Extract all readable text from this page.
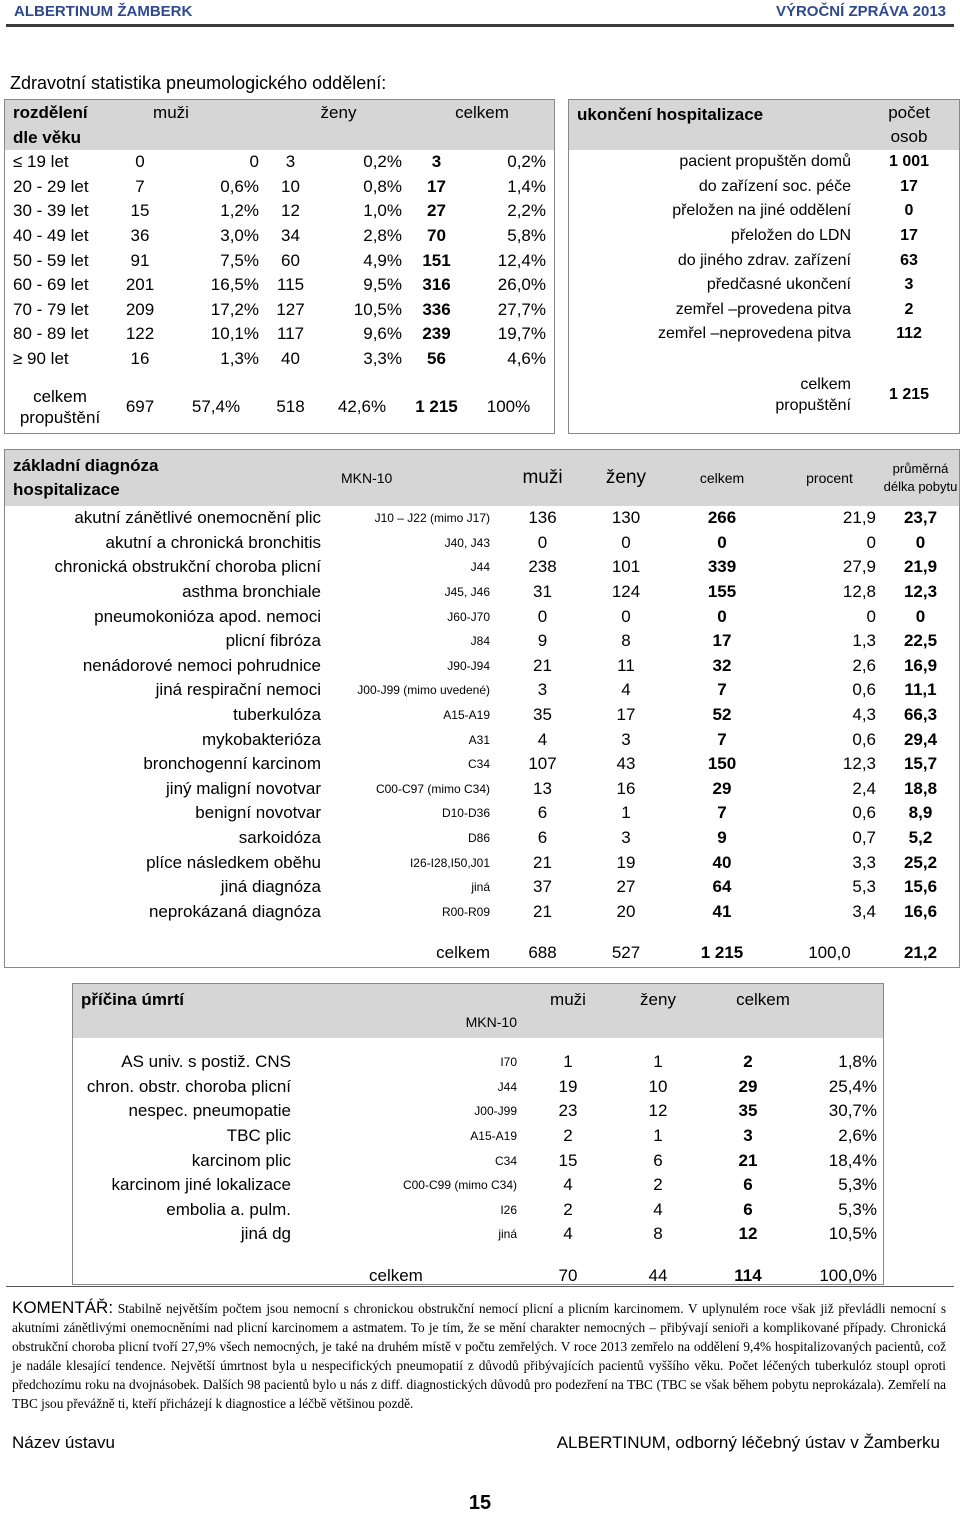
ALBERTINUM ŽAMBERK	VÝROČNÍ ZPRÁVA 2013
Zdravotní statistika pneumologického oddělení:
rozdělení	muži		ženy		celkem	
dle věku						
≤ 19 let	0	0	3	0,2%	3	0,2%
20 - 29 let	7	0,6%	10	0,8%	17	1,4%
30 - 39 let	15	1,2%	12	1,0%	27	2,2%
40 - 49 let	36	3,0%	34	2,8%	70	5,8%
50 - 59 let	91	7,5%	60	4,9%	151	12,4%
60 - 69 let	201	16,5%	115	9,5%	316	26,0%
70 - 79 let	209	17,2%	127	10,5%	336	27,7%
80 - 89 let	122	10,1%	117	9,6%	239	19,7%
≥ 90 let	16	1,3%	40	3,3%	56	4,6%

celkem
propuštění	697	57,4%	518	42,6%	1 215	100%
ukončení hospitalizace	počet
osob
pacient propuštěn domů	1 001
do zařízení soc. péče	17
přeložen na jiné oddělení	0
přeložen do LDN	17
do jiného zdrav. zařízení	63
předčasné ukončení	3
zemřel –provedena pitva	2
zemřel –neprovedena pitva	112

celkem
propuštění	1 215
základní diagnóza
hospitalizace	MKN-10	muži	ženy	celkem	procent	průměrná
délka pobytu
akutní zánětlivé onemocnění plic	J10 – J22 (mimo J17)	136	130	266	21,9	23,7
akutní a chronická bronchitis	J40, J43	0	0	0	0	0
chronická obstrukční choroba plicní	J44	238	101	339	27,9	21,9
asthma bronchiale	J45, J46	31	124	155	12,8	12,3
pneumokonióza apod. nemoci	J60-J70	0	0	0	0	0
plicní fibróza	J84	9	8	17	1,3	22,5
nenádorové nemoci pohrudnice	J90-J94	21	11	32	2,6	16,9
jiná respirační nemoci	J00-J99 (mimo uvedené)	3	4	7	0,6	11,1
tuberkulóza	A15-A19	35	17	52	4,3	66,3
mykobakterióza	A31	4	3	7	0,6	29,4
bronchogenní karcinom	C34	107	43	150	12,3	15,7
jiný maligní novotvar	C00-C97 (mimo C34)	13	16	29	2,4	18,8
benigní novotvar	D10-D36	6	1	7	0,6	8,9
sarkoidóza	D86	6	3	9	0,7	5,2
plíce následkem oběhu	I26-I28,I50,J01	21	19	40	3,3	25,2
jiná diagnóza	jiná	37	27	64	5,3	15,6
neprokázaná diagnóza	R00-R09	21	20	41	3,4	16,6

	celkem	688	527	1 215	100,0	21,2
příčina úmrtí	MKN-10	muži	ženy	celkem	

AS univ. s postiž. CNS	I70	1	1	2	1,8%
chron. obstr. choroba plicní	J44	19	10	29	25,4%
nespec. pneumopatie	J00-J99	23	12	35	30,7%
TBC plic	A15-A19	2	1	3	2,6%
karcinom plic	C34	15	6	21	18,4%
karcinom jiné lokalizace	C00-C99 (mimo C34)	4	2	6	5,3%
embolia a. pulm.	I26	2	4	6	5,3%
jiná dg	jiná	4	8	12	10,5%

celkem		70	44	114	100,0%
KOMENTÁŘ: Stabilně největším počtem jsou nemocní s chronickou obstrukční nemocí plicní a plicním karcinomem. V uplynulém roce však již převládli nemocní s akutními zánětlivými onemocněními nad plicní karcinomem a astmatem. To je tím, že se mění charakter nemocných – přibývají senioři a komplikované případy. Chronická obstrukční choroba plicní tvoří 27,9% všech nemocných, je také na druhém místě v počtu zemřelých. V roce 2013 zemřelo na oddělení 9,4% hospitalizovaných pacientů, což je nadále klesající tendence. Největší úmrtnost byla u nespecifických pneumopatií z důvodů přibývajících pacientů vyššího věku. Počet léčených tuberkulóz stoupl oproti předchozímu roku na dvojnásobek. Dalších 98 pacientů bylo u nás z diff. diagnostických důvodů pro podezření na TBC (TBC se však během pobytu neprokázala). Zemřelí na TBC jsou převážně ti, kteří přicházejí k diagnostice a léčbě většinou pozdě.
Název ústavu	ALBERTINUM, odborný léčebný ústav v Žamberku
15
